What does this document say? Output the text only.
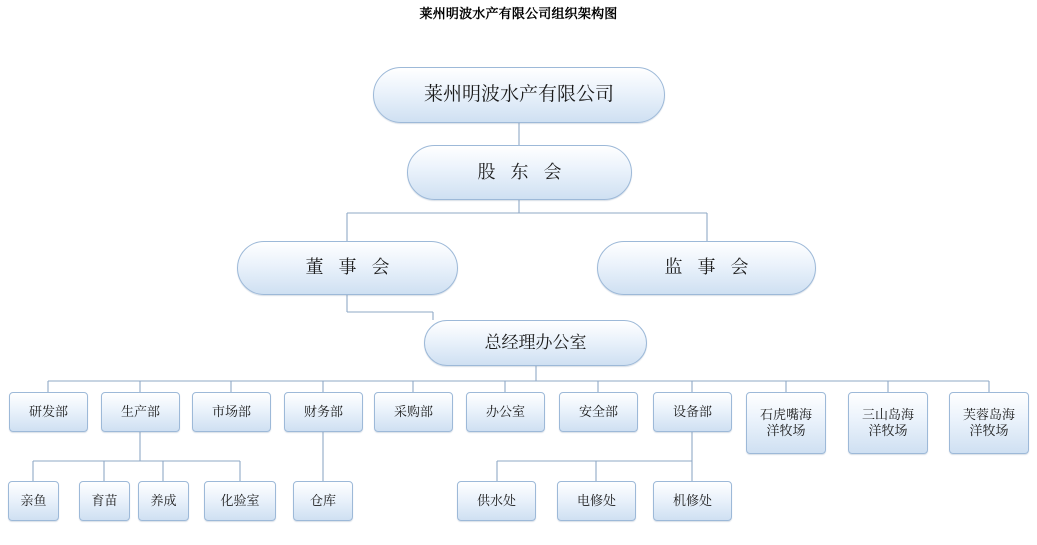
莱州明波水产有限公司组织架构图
莱州明波水产有限公司
股 东 会
董 事 会	监 事 会
总经理办公室
研发部	生产部	市场部	财务部	采购部	办公室	安全部	设备部	石虎嘴海洋牧场
三山岛海洋牧场
芙蓉岛海洋牧场
亲鱼	育苗	养成	化验室	仓库	供水处	电修处	机修处
